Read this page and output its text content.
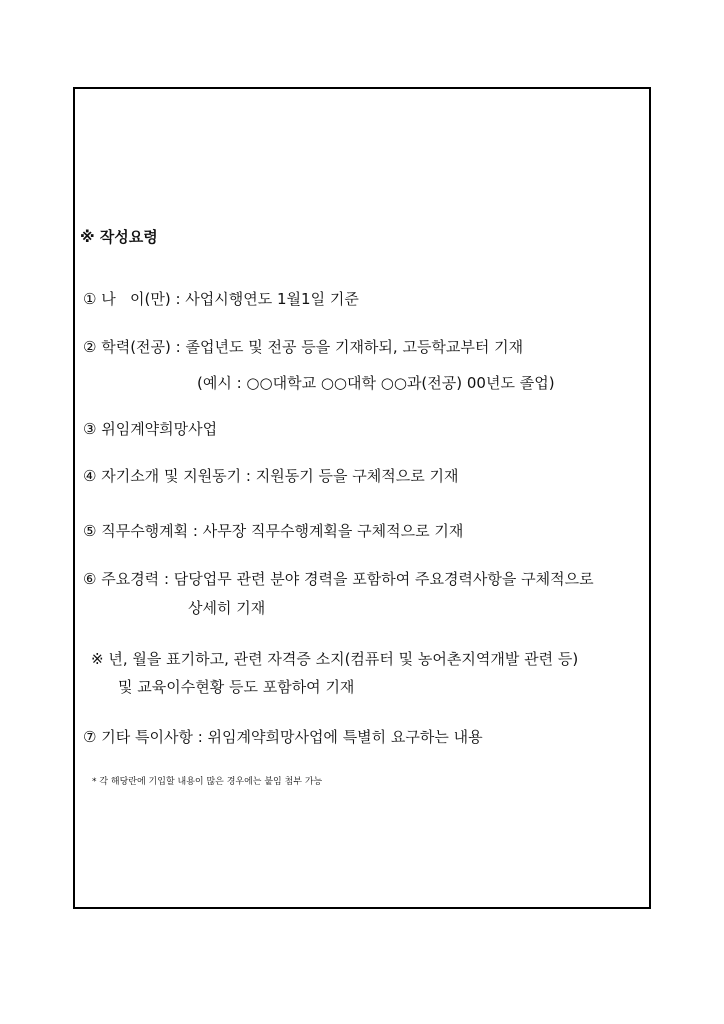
※ 작성요령
① 나   이(만) : 사업시행연도 1월1일 기준
② 학력(전공) : 졸업년도 및 전공 등을 기재하되, 고등학교부터 기재
(예시 : ○○대학교 ○○대학 ○○과(전공) 00년도 졸업)
③ 위임계약희망사업
④ 자기소개 및 지원동기 : 지원동기 등을 구체적으로 기재
⑤ 직무수행계획 : 사무장 직무수행계획을 구체적으로 기재
⑥ 주요경력 : 담당업무 관련 분야 경력을 포함하여 주요경력사항을 구체적으로
상세히 기재
※ 년, 월을 표기하고, 관련 자격증 소지(컴퓨터 및 농어촌지역개발 관련 등)
및 교육이수현황 등도 포함하여 기재
⑦ 기타 특이사항 : 위임계약희망사업에 특별히 요구하는 내용
* 각 해당란에 기입할 내용이 많은 경우에는 붙임 첨부 가능
